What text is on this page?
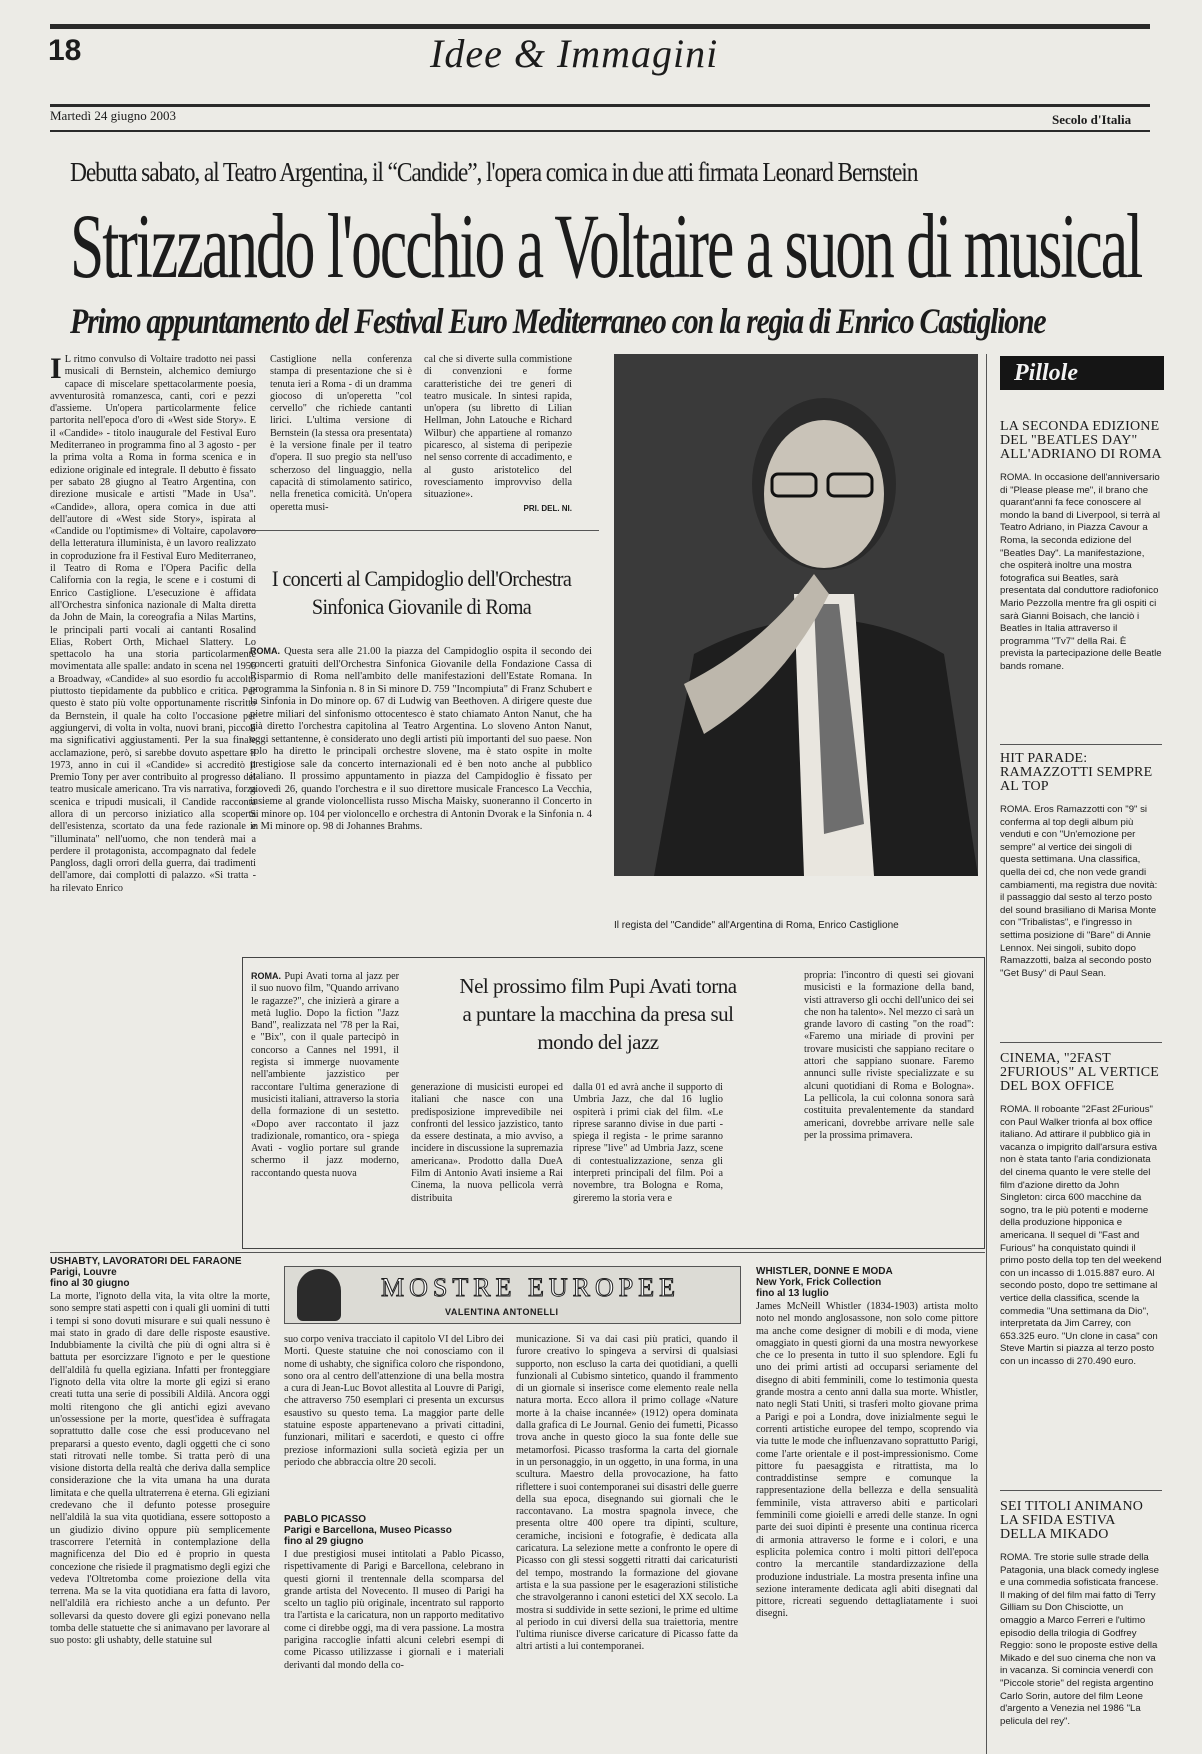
18	Idee & Immagini
Martedì 24 giugno 2003	Secolo d'Italia
Debutta sabato, al Teatro Argentina, il “Candide”, l'opera comica in due atti firmata Leonard Bernstein
Strizzando l'occhio a Voltaire a suon di musical
Primo appuntamento del Festival Euro Mediterraneo con la regia di Enrico Castiglione
I L ritmo convulso di Voltaire tradotto nei passi musicali di Bernstein, alchemico demiurgo capace di miscelare spettacolarmente poesia, avventurosità romanzesca, canti, cori e pezzi d'assieme. Un'opera particolarmente felice partorita nell'epoca d'oro di «West side Story». E il «Candide» - titolo inaugurale del Festival Euro Mediterraneo in programma fino al 3 agosto - per la prima volta a Roma in forma scenica e in edizione originale ed integrale. Il debutto è fissato per sabato 28 giugno al Teatro Argentina, con direzione musicale e artisti "Made in Usa". «Candide», allora, opera comica in due atti dell'autore di «West side Story», ispirata al «Candide ou l'optimisme» di Voltaire, capolavoro della letteratura illuminista, è un lavoro realizzato in coproduzione fra il Festival Euro Mediterraneo, il Teatro di Roma e l'Opera Pacific della California con la regia, le scene e i costumi di Enrico Castiglione. L'esecuzione è affidata all'Orchestra sinfonica nazionale di Malta diretta da John de Main, la coreografia a Nilas Martins, le principali parti vocali ai cantanti Rosalind Elias, Robert Orth, Michael Slattery. Lo spettacolo ha una storia particolarmente movimentata alle spalle: andato in scena nel 1956 a Broadway, «Candide» al suo esordio fu accolto piuttosto tiepidamente da pubblico e critica. Per questo è stato più volte opportunamente riscritto da Bernstein, il quale ha colto l'occasione per aggiungervi, di volta in volta, nuovi brani, piccoli ma significativi aggiustamenti. Per la sua finale acclamazione, però, si sarebbe dovuto aspettare il 1973, anno in cui il «Candide» si accreditò il Premio Tony per aver contribuito al progresso del teatro musicale americano. Tra vis narrativa, forza scenica e tripudi musicali, il Candide racconta allora di un percorso iniziatico alla scoperta dell'esistenza, scortato da una fede razionale e "illuminata" nell'uomo, che non tenderà mai a perdere il protagonista, accompagnato dal fedele Pangloss, dagli orrori della guerra, dai tradimenti dell'amore, dai complotti di palazzo. «Si tratta - ha rilevato Enrico
Castiglione nella conferenza stampa di presentazione che si è tenuta ieri a Roma - di un dramma giocoso di un'operetta "col cervello" che richiede cantanti lirici. L'ultima versione di Bernstein (la stessa ora presentata) è la versione finale per il teatro d'opera. Il suo pregio sta nell'uso scherzoso del linguaggio, nella capacità di stimolamento satirico, nella frenetica comicità. Un'opera operetta musi-
cal che si diverte sulla commistione di convenzioni e forme caratteristiche dei tre generi di teatro musicale. In sintesi rapida, un'opera (su libretto di Lilian Hellman, John Latouche e Richard Wilbur) che appartiene al romanzo picaresco, al sistema di peripezie nel senso corrente di accadimento, e al gusto aristotelico del rovesciamento improvviso della situazione».
PRI. DEL. NI.
Il regista del "Candide" all'Argentina di Roma, Enrico Castiglione
I concerti al Campidoglio dell'Orchestra Sinfonica Giovanile di Roma
ROMA. Questa sera alle 21.00 la piazza del Campidoglio ospita il secondo dei concerti gratuiti dell'Orchestra Sinfonica Giovanile della Fondazione Cassa di Risparmio di Roma nell'ambito delle manifestazioni dell'Estate Romana. In programma la Sinfonia n. 8 in Si minore D. 759 "Incompiuta" di Franz Schubert e la Sinfonia in Do minore op. 67 di Ludwig van Beethoven. A dirigere queste due pietre miliari del sinfonismo ottocentesco è stato chiamato Anton Nanut, che ha già diretto l'orchestra capitolina al Teatro Argentina. Lo sloveno Anton Nanut, oggi settantenne, è considerato uno degli artisti più importanti del suo paese. Non solo ha diretto le principali orchestre slovene, ma è stato ospite in molte prestigiose sale da concerto internazionali ed è ben noto anche al pubblico italiano. Il prossimo appuntamento in piazza del Campidoglio è fissato per giovedì 26, quando l'orchestra e il suo direttore musicale Francesco La Vecchia, insieme al grande violoncellista russo Mischa Maisky, suoneranno il Concerto in Si minore op. 104 per violoncello e orchestra di Antonin Dvorak e la Sinfonia n. 4 in Mi minore op. 98 di Johannes Brahms.
ROMA. Pupi Avati torna al jazz per il suo nuovo film, "Quando arrivano le ragazze?", che inizierà a girare a metà luglio. Dopo la fiction "Jazz Band", realizzata nel '78 per la Rai, e "Bix", con il quale partecipò in concorso a Cannes nel 1991, il regista si immerge nuovamente nell'ambiente jazzistico per raccontare l'ultima generazione di musicisti italiani, attraverso la storia della formazione di un sestetto. «Dopo aver raccontato il jazz tradizionale, romantico, ora - spiega Avati - voglio portare sul grande schermo il jazz moderno, raccontando questa nuova
Nel prossimo film Pupi Avati torna a puntare la macchina da presa sul mondo del jazz
generazione di musicisti europei ed italiani che nasce con una predisposizione imprevedibile nei confronti del lessico jazzistico, tanto da essere destinata, a mio avviso, a incidere in discussione la supremazia americana». Prodotto dalla DueA Film di Antonio Avati insieme a Rai Cinema, la nuova pellicola verrà distribuita
dalla 01 ed avrà anche il supporto di Umbria Jazz, che dal 16 luglio ospiterà i primi ciak del film. «Le riprese saranno divise in due parti - spiega il regista - le prime saranno riprese "live" ad Umbria Jazz, scene di contestualizzazione, senza gli interpreti principali del film. Poi a novembre, tra Bologna e Roma, gireremo la storia vera e
propria: l'incontro di questi sei giovani musicisti e la formazione della band, visti attraverso gli occhi dell'unico dei sei che non ha talento». Nel mezzo ci sarà un grande lavoro di casting "on the road": «Faremo una miriade di provini per trovare musicisti che sappiano recitare o attori che sappiano suonare. Faremo annunci sulle riviste specializzate e su alcuni quotidiani di Roma e Bologna». La pellicola, la cui colonna sonora sarà costituita prevalentemente da standard americani, dovrebbe arrivare nelle sale per la prossima primavera.
Pillole
LA SECONDA EDIZIONE DEL "BEATLES DAY" ALL'ADRIANO DI ROMA
ROMA. In occasione dell'anniversario di "Please please me", il brano che quarant'anni fa fece conoscere al mondo la band di Liverpool, si terrà al Teatro Adriano, in Piazza Cavour a Roma, la seconda edizione del "Beatles Day". La manifestazione, che ospiterà inoltre una mostra fotografica sui Beatles, sarà presentata dal conduttore radiofonico Mario Pezzolla mentre fra gli ospiti ci sarà Gianni Boisach, che lanciò i Beatles in Italia attraverso il programma "Tv7" della Rai. È prevista la partecipazione delle Beatle bands romane.
HIT PARADE: RAMAZZOTTI SEMPRE AL TOP
ROMA. Eros Ramazzotti con "9" si conferma al top degli album più venduti e con "Un'emozione per sempre" al vertice dei singoli di questa settimana. Una classifica, quella dei cd, che non vede grandi cambiamenti, ma registra due novità: il passaggio dal sesto al terzo posto del sound brasiliano di Marisa Monte con "Tribalistas", e l'ingresso in settima posizione di "Bare" di Annie Lennox. Nei singoli, subito dopo Ramazzotti, balza al secondo posto "Get Busy" di Paul Sean.
CINEMA, "2FAST 2FURIOUS" AL VERTICE DEL BOX OFFICE
ROMA. Il roboante "2Fast 2Furious" con Paul Walker trionfa al box office italiano. Ad attirare il pubblico già in vacanza o impigrito dall'arsura estiva non è stata tanto l'aria condizionata del cinema quanto le vere stelle del film d'azione diretto da John Singleton: circa 600 macchine da sogno, tra le più potenti e moderne della produzione hipponica e americana. Il sequel di "Fast and Furious" ha conquistato quindi il primo posto della top ten del weekend con un incasso di 1.015.887 euro. Al secondo posto, dopo tre settimane al vertice della classifica, scende la commedia "Una settimana da Dio", interpretata da Jim Carrey, con 653.325 euro. "Un clone in casa" con Steve Martin si piazza al terzo posto con un incasso di 270.490 euro.
SEI TITOLI ANIMANO LA SFIDA ESTIVA DELLA MIKADO
ROMA. Tre storie sulle strade della Patagonia, una black comedy inglese e una commedia sofisticata francese. Il making of del film mai fatto di Terry Gilliam su Don Chisciotte, un omaggio a Marco Ferreri e l'ultimo episodio della trilogia di Godfrey Reggio: sono le proposte estive della Mikado e del suo cinema che non va in vacanza. Si comincia venerdì con "Piccole storie" del regista argentino Carlo Sorin, autore del film Leone d'argento a Venezia nel 1986 "La pelicula del rey".
USHABTY, LAVORATORI DEL FARAONE
Parigi, Louvre
fino al 30 giugno
La morte, l'ignoto della vita, la vita oltre la morte, sono sempre stati aspetti con i quali gli uomini di tutti i tempi si sono dovuti misurare e sui quali nessuno è mai stato in grado di dare delle risposte esaustive. Indubbiamente la civiltà che più di ogni altra si è battuta per esorcizzare l'ignoto e per le questione dell'aldilà fu quella egiziana. Infatti per fronteggiare l'ignoto della vita oltre la morte gli egizi si erano creati tutta una serie di possibili Aldilà. Ancora oggi molti ritengono che gli antichi egizi avevano un'ossessione per la morte, quest'idea è suffragata soprattutto dalle cose che essi producevano nel prepararsi a questo evento, dagli oggetti che ci sono stati ritrovati nelle tombe. Si tratta però di una visione distorta della realtà che deriva dalla semplice considerazione che la vita umana ha una durata limitata e che quella ultraterrena è eterna. Gli egiziani credevano che il defunto potesse proseguire nell'aldilà la sua vita quotidiana, essere sottoposto a un giudizio divino oppure più semplicemente trascorrere l'eternità in contemplazione della magnificenza del Dio ed è proprio in questa concezione che risiede il pragmatismo degli egizi che vedeva l'Oltretomba come proiezione della vita terrena. Ma se la vita quotidiana era fatta di lavoro, nell'aldilà era richiesto anche a un defunto. Per sollevarsi da questo dovere gli egizi ponevano nella tomba delle statuette che si animavano per lavorare al suo posto: gli ushabty, delle statuine sul
MOSTRE EUROPEE
VALENTINA ANTONELLI
suo corpo veniva tracciato il capitolo VI del Libro dei Morti. Queste statuine che noi conosciamo con il nome di ushabty, che significa coloro che rispondono, sono ora al centro dell'attenzione di una bella mostra a cura di Jean-Luc Bovot allestita al Louvre di Parigi, che attraverso 750 esemplari ci presenta un excursus esaustivo su questo tema. La maggior parte delle statuine esposte appartenevano a privati cittadini, funzionari, militari e sacerdoti, e questo ci offre preziose informazioni sulla società egizia per un periodo che abbraccia oltre 20 secoli.
PABLO PICASSO
Parigi e Barcellona, Museo Picasso
fino al 29 giugno
I due prestigiosi musei intitolati a Pablo Picasso, rispettivamente di Parigi e Barcellona, celebrano in questi giorni il trentennale della scomparsa del grande artista del Novecento. Il museo di Parigi ha scelto un taglio più originale, incentrato sul rapporto tra l'artista e la caricatura, non un rapporto meditativo come ci direbbe oggi, ma di vera passione. La mostra parigina raccoglie infatti alcuni celebri esempi di come Picasso utilizzasse i giornali e i materiali derivanti dal mondo della co-
municazione. Si va dai casi più pratici, quando il furore creativo lo spingeva a servirsi di qualsiasi supporto, non escluso la carta dei quotidiani, a quelli funzionali al Cubismo sintetico, quando il frammento di un giornale si inserisce come elemento reale nella natura morta. Ecco allora il primo collage «Nature morte à la chaise incannée» (1912) opera dominata dalla grafica di Le Journal. Genio dei fumetti, Picasso trova anche in questo gioco la sua fonte delle sue metamorfosi. Picasso trasforma la carta del giornale in un personaggio, in un oggetto, in una forma, in una scultura. Maestro della provocazione, ha fatto riflettere i suoi contemporanei sui disastri delle guerre della sua epoca, disegnando sui giornali che le raccontavano. La mostra spagnola invece, che presenta oltre 400 opere tra dipinti, sculture, ceramiche, incisioni e fotografie, è dedicata alla caricatura. La selezione mette a confronto le opere di Picasso con gli stessi soggetti ritratti dai caricaturisti del tempo, mostrando la formazione del giovane artista e la sua passione per le esagerazioni stilistiche che stravolgeranno i canoni estetici del XX secolo. La mostra si suddivide in sette sezioni, le prime ed ultime al periodo in cui diversi della sua traiettoria, mentre l'ultima riunisce diverse caricature di Picasso fatte da altri artisti a lui contemporanei.
WHISTLER, DONNE E MODA
New York, Frick Collection
fino al 13 luglio
James McNeill Whistler (1834-1903) artista molto noto nel mondo anglosassone, non solo come pittore ma anche come designer di mobili e di moda, viene omaggiato in questi giorni da una mostra newyorkese che ce lo presenta in tutto il suo splendore. Egli fu uno dei primi artisti ad occuparsi seriamente del disegno di abiti femminili, come lo testimonia questa grande mostra a cento anni dalla sua morte. Whistler, nato negli Stati Uniti, si trasferì molto giovane prima a Parigi e poi a Londra, dove inizialmente seguì le correnti artistiche europee del tempo, scoprendo via via tutte le mode che influenzavano soprattutto Parigi, come l'arte orientale e il post-impressionismo. Come pittore fu paesaggista e ritrattista, ma lo contraddistinse sempre e comunque la rappresentazione della bellezza e della sensualità femminile, vista attraverso abiti e particolari femminili come gioielli e arredi delle stanze. In ogni parte dei suoi dipinti è presente una continua ricerca di armonia attraverso le forme e i colori, e una esplicita polemica contro i molti pittori dell'epoca contro la mercantile standardizzazione della produzione industriale. La mostra presenta infine una sezione interamente dedicata agli abiti disegnati dal pittore, ricreati seguendo dettagliatamente i suoi disegni.
